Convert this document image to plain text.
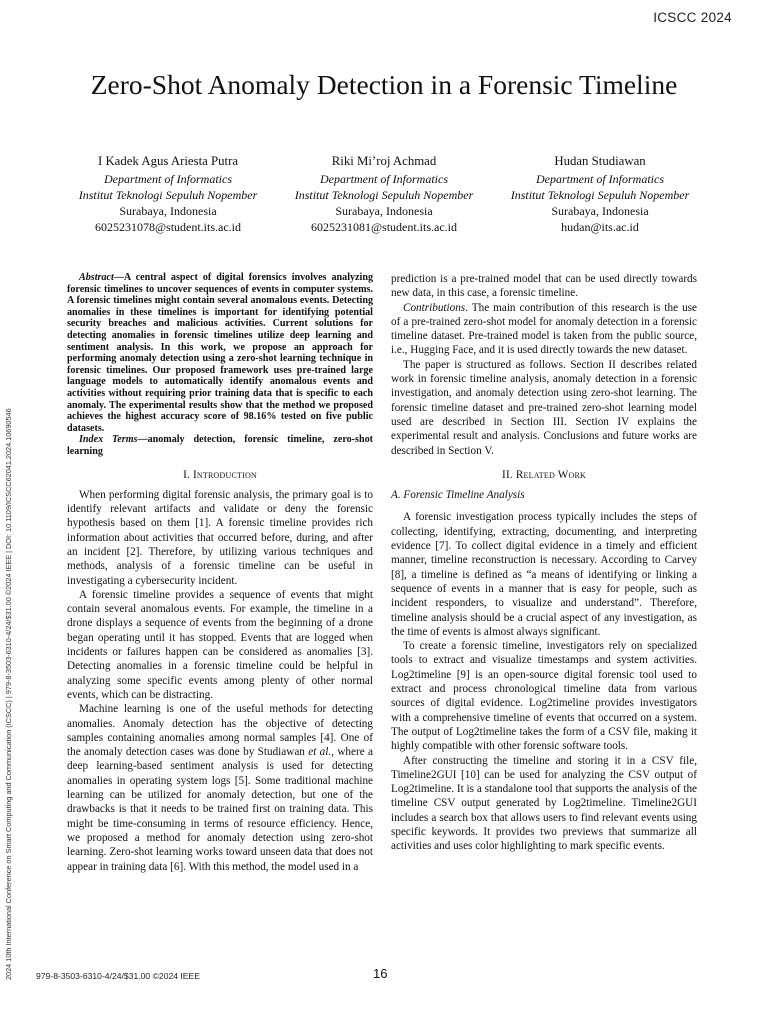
ICSCC 2024
2024 10th International Conference on Smart Computing and Communication (ICSCC) | 979-8-3503-6310-4/24/$31.00 ©2024 IEEE | DOI: 10.1109/ICSCC62041.2024.10690546
Zero-Shot Anomaly Detection in a Forensic Timeline
I Kadek Agus Ariesta Putra
Department of Informatics
Institut Teknologi Sepuluh Nopember
Surabaya, Indonesia
6025231078@student.its.ac.id
Riki Mi’roj Achmad
Department of Informatics
Institut Teknologi Sepuluh Nopember
Surabaya, Indonesia
6025231081@student.its.ac.id
Hudan Studiawan
Department of Informatics
Institut Teknologi Sepuluh Nopember
Surabaya, Indonesia
hudan@its.ac.id

Abstract—A central aspect of digital forensics involves analyzing forensic timelines to uncover sequences of events in computer systems. A forensic timelines might contain several anomalous events. Detecting anomalies in these timelines is important for identifying potential security breaches and malicious activities. Current solutions for detecting anomalies in forensic timelines utilize deep learning and sentiment analysis. In this work, we propose an approach for performing anomaly detection using a zero-shot learning technique in forensic timelines. Our proposed framework uses pre-trained large language models to automatically identify anomalous events and activities without requiring prior training data that is specific to each anomaly. The experimental results show that the method we proposed achieves the highest accuracy score of 98.16% tested on five public datasets.

Index Terms—anomaly detection, forensic timeline, zero-shot learning

I. Introduction

When performing digital forensic analysis, the primary goal is to identify relevant artifacts and validate or deny the forensic hypothesis based on them [1]. A forensic timeline provides rich information about activities that occurred before, during, and after an incident [2]. Therefore, by utilizing various techniques and methods, analysis of a forensic timeline can be useful in investigating a cybersecurity incident.

A forensic timeline provides a sequence of events that might contain several anomalous events. For example, the timeline in a drone displays a sequence of events from the beginning of a drone began operating until it has stopped. Events that are logged when incidents or failures happen can be considered as anomalies [3]. Detecting anomalies in a forensic timeline could be helpful in analyzing some specific events among plenty of other normal events, which can be distracting.

Machine learning is one of the useful methods for detecting anomalies. Anomaly detection has the objective of detecting samples containing anomalies among normal samples [4]. One of the anomaly detection cases was done by Studiawan et al., where a deep learning-based sentiment analysis is used for detecting anomalies in operating system logs [5]. Some traditional machine learning can be utilized for anomaly detection, but one of the drawbacks is that it needs to be trained first on training data. This might be time-consuming in terms of resource efficiency. Hence, we proposed a method for anomaly detection using zero-shot learning. Zero-shot learning works toward unseen data that does not appear in training data [6]. With this method, the model used in a

prediction is a pre-trained model that can be used directly towards new data, in this case, a forensic timeline.

Contributions. The main contribution of this research is the use of a pre-trained zero-shot model for anomaly detection in a forensic timeline dataset. Pre-trained model is taken from the public source, i.e., Hugging Face, and it is used directly towards the new dataset.

The paper is structured as follows. Section II describes related work in forensic timeline analysis, anomaly detection in a forensic investigation, and anomaly detection using zero-shot learning. The forensic timeline dataset and pre-trained zero-shot learning model used are described in Section III. Section IV explains the experimental result and analysis. Conclusions and future works are described in Section V.

II. Related Work

A. Forensic Timeline Analysis

A forensic investigation process typically includes the steps of collecting, identifying, extracting, documenting, and interpreting evidence [7]. To collect digital evidence in a timely and efficient manner, timeline reconstruction is necessary. According to Carvey [8], a timeline is defined as “a means of identifying or linking a sequence of events in a manner that is easy for people, such as incident responders, to visualize and understand”. Therefore, timeline analysis should be a crucial aspect of any investigation, as the time of events is almost always significant.

To create a forensic timeline, investigators rely on specialized tools to extract and visualize timestamps and system activities. Log2timeline [9] is an open-source digital forensic tool used to extract and process chronological timeline data from various sources of digital evidence. Log2timeline provides investigators with a comprehensive timeline of events that occurred on a system. The output of Log2timeline takes the form of a CSV file, making it highly compatible with other forensic software tools.

After constructing the timeline and storing it in a CSV file, Timeline2GUI [10] can be used for analyzing the CSV output of Log2timeline. It is a standalone tool that supports the analysis of the timeline CSV output generated by Log2timeline. Timeline2GUI includes a search box that allows users to find relevant events using specific keywords. It provides two previews that summarize all activities and uses color highlighting to mark specific events.

979-8-3503-6310-4/24/$31.00 ©2024 IEEE	16
